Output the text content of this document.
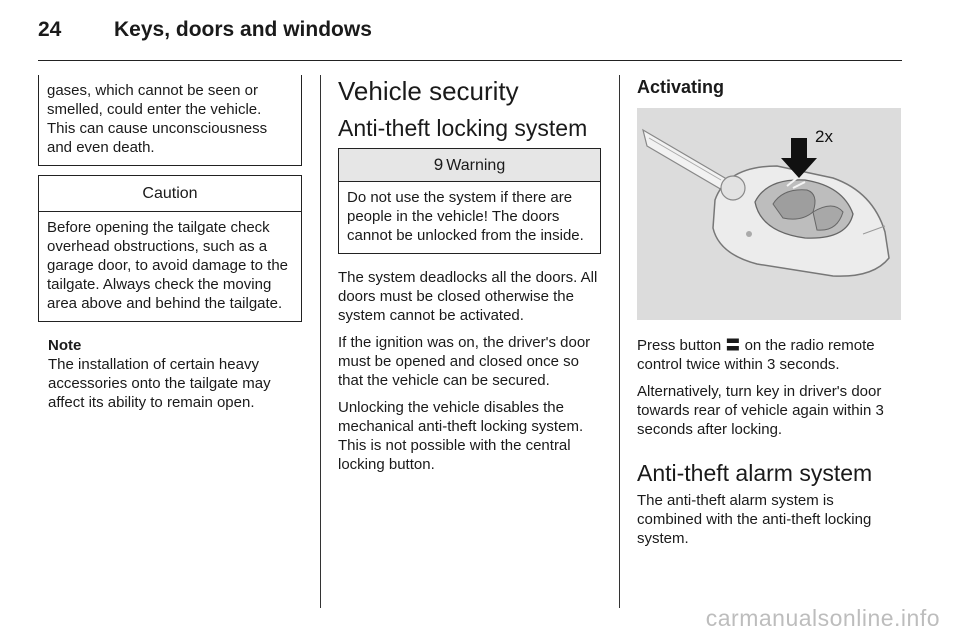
24	Keys, doors and windows
gases, which cannot be seen or smelled, could enter the vehicle. This can cause unconsciousness and even death.
Caution
Before opening the tailgate check overhead obstructions, such as a garage door, to avoid damage to the tailgate. Always check the moving area above and behind the tailgate.
Note
The installation of certain heavy accessories onto the tailgate may affect its ability to remain open.
Vehicle security
Anti-theft locking system
9 Warning
Do not use the system if there are people in the vehicle! The doors cannot be unlocked from the inside.

The system deadlocks all the doors. All doors must be closed otherwise the system cannot be activated.

If the ignition was on, the driver's door must be opened and closed once so that the vehicle can be secured.

Unlocking the vehicle disables the mechanical anti-theft locking system. This is not possible with the central locking button.

Activating
2x

Press button 〓 on the radio remote control twice within 3 seconds.

Alternatively, turn key in driver's door towards rear of vehicle again within 3 seconds after locking.

Anti-theft alarm system

The anti-theft alarm system is combined with the anti-theft locking system.

carmanualsonline.info
